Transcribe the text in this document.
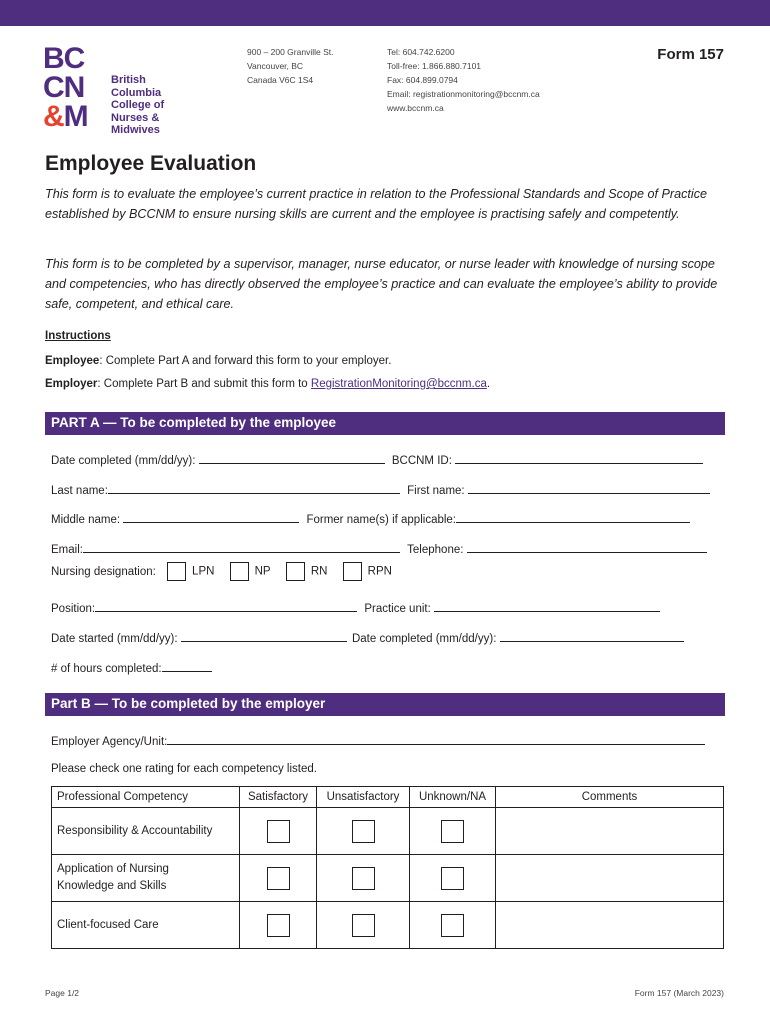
BC
CN
&M
British
Columbia
College of
Nurses &
Midwives
900 – 200 Granville St.
Vancouver, BC
Canada V6C 1S4
Tel: 604.742.6200
Toll-free: 1.866.880.7101
Fax: 604.899.0794
Email: registrationmonitoring@bccnm.ca
www.bccnm.ca
Form 157
Employee Evaluation

This form is to evaluate the employee’s current practice in relation to the Professional Standards and Scope of Practice established by BCCNM to ensure nursing skills are current and the employee is practising safely and competently.

This form is to be completed by a supervisor, manager, nurse educator, or nurse leader with knowledge of nursing scope and competencies, who has directly observed the employee’s practice and can evaluate the employee’s ability to provide safe, competent, and ethical care.

Instructions
Employee: Complete Part A and forward this form to your employer.
Employer: Complete Part B and submit this form to RegistrationMonitoring@bccnm.ca.
PART A — To be completed by the employee
Date completed (mm/dd/yy):	BCCNM ID:
Last name:	First name:
Middle name:	Former name(s) if applicable:
Email:	Telephone:
Nursing designation:	LPN	NP	RN	RPN
Position:	Practice unit:
Date started (mm/dd/yy):	Date completed (mm/dd/yy):
# of hours completed:
Part B — To be completed by the employer
Employer Agency/Unit:
Please check one rating for each competency listed.
Professional Competency	Satisfactory	Unsatisfactory	Unknown/NA	Comments

Responsibility & Accountability				

Application of Nursing
Knowledge and Skills				

Client-focused Care				

Page 1/2	Form 157 (March 2023)
